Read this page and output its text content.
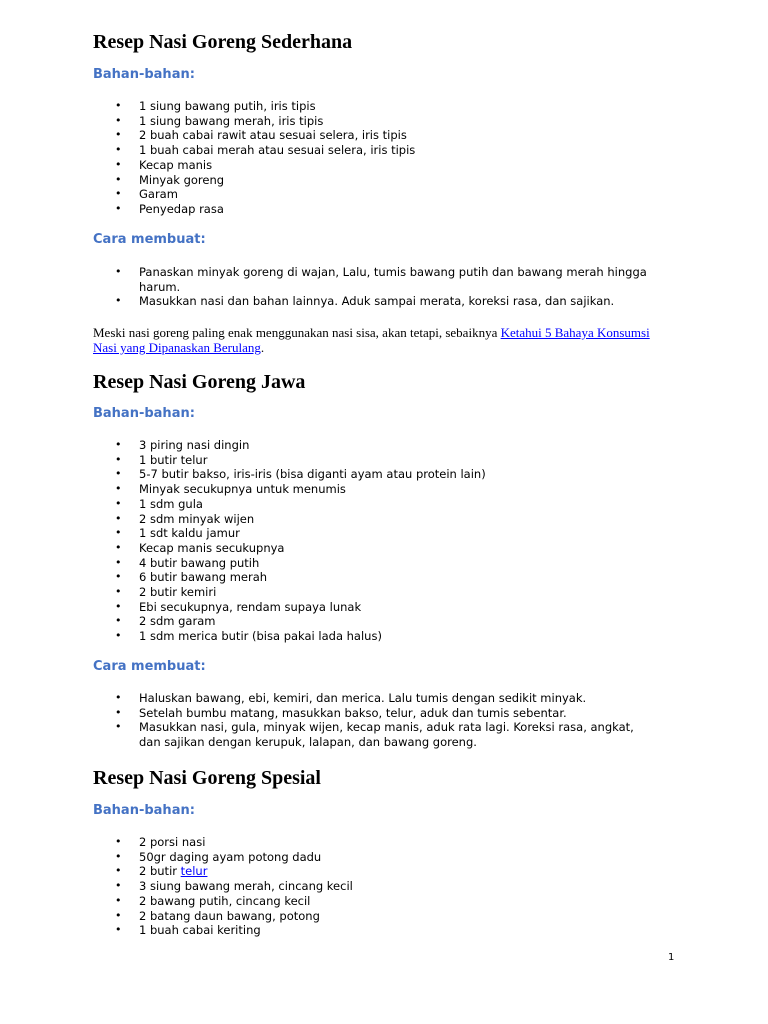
Resep Nasi Goreng Sederhana
Bahan-bahan:
• 1 siung bawang putih, iris tipis
• 1 siung bawang merah, iris tipis
• 2 buah cabai rawit atau sesuai selera, iris tipis
• 1 buah cabai merah atau sesuai selera, iris tipis
• Kecap manis
• Minyak goreng
• Garam
• Penyedap rasa
Cara membuat:
• Panaskan minyak goreng di wajan, Lalu, tumis bawang putih dan bawang merah hingga harum.
• Masukkan nasi dan bahan lainnya. Aduk sampai merata, koreksi rasa, dan sajikan.

Meski nasi goreng paling enak menggunakan nasi sisa, akan tetapi, sebaiknya Ketahui 5 Bahaya Konsumsi Nasi yang Dipanaskan Berulang.

Resep Nasi Goreng Jawa
Bahan-bahan:
• 3 piring nasi dingin
• 1 butir telur
• 5-7 butir bakso, iris-iris (bisa diganti ayam atau protein lain)
• Minyak secukupnya untuk menumis
• 1 sdm gula
• 2 sdm minyak wijen
• 1 sdt kaldu jamur
• Kecap manis secukupnya
• 4 butir bawang putih
• 6 butir bawang merah
• 2 butir kemiri
• Ebi secukupnya, rendam supaya lunak
• 2 sdm garam
• 1 sdm merica butir (bisa pakai lada halus)
Cara membuat:
• Haluskan bawang, ebi, kemiri, dan merica. Lalu tumis dengan sedikit minyak.
• Setelah bumbu matang, masukkan bakso, telur, aduk dan tumis sebentar.
• Masukkan nasi, gula, minyak wijen, kecap manis, aduk rata lagi. Koreksi rasa, angkat, dan sajikan dengan kerupuk, lalapan, dan bawang goreng.
Resep Nasi Goreng Spesial
Bahan-bahan:
• 2 porsi nasi
• 50gr daging ayam potong dadu
• 2 butir telur
• 3 siung bawang merah, cincang kecil
• 2 bawang putih, cincang kecil
• 2 batang daun bawang, potong
• 1 buah cabai keriting
1
